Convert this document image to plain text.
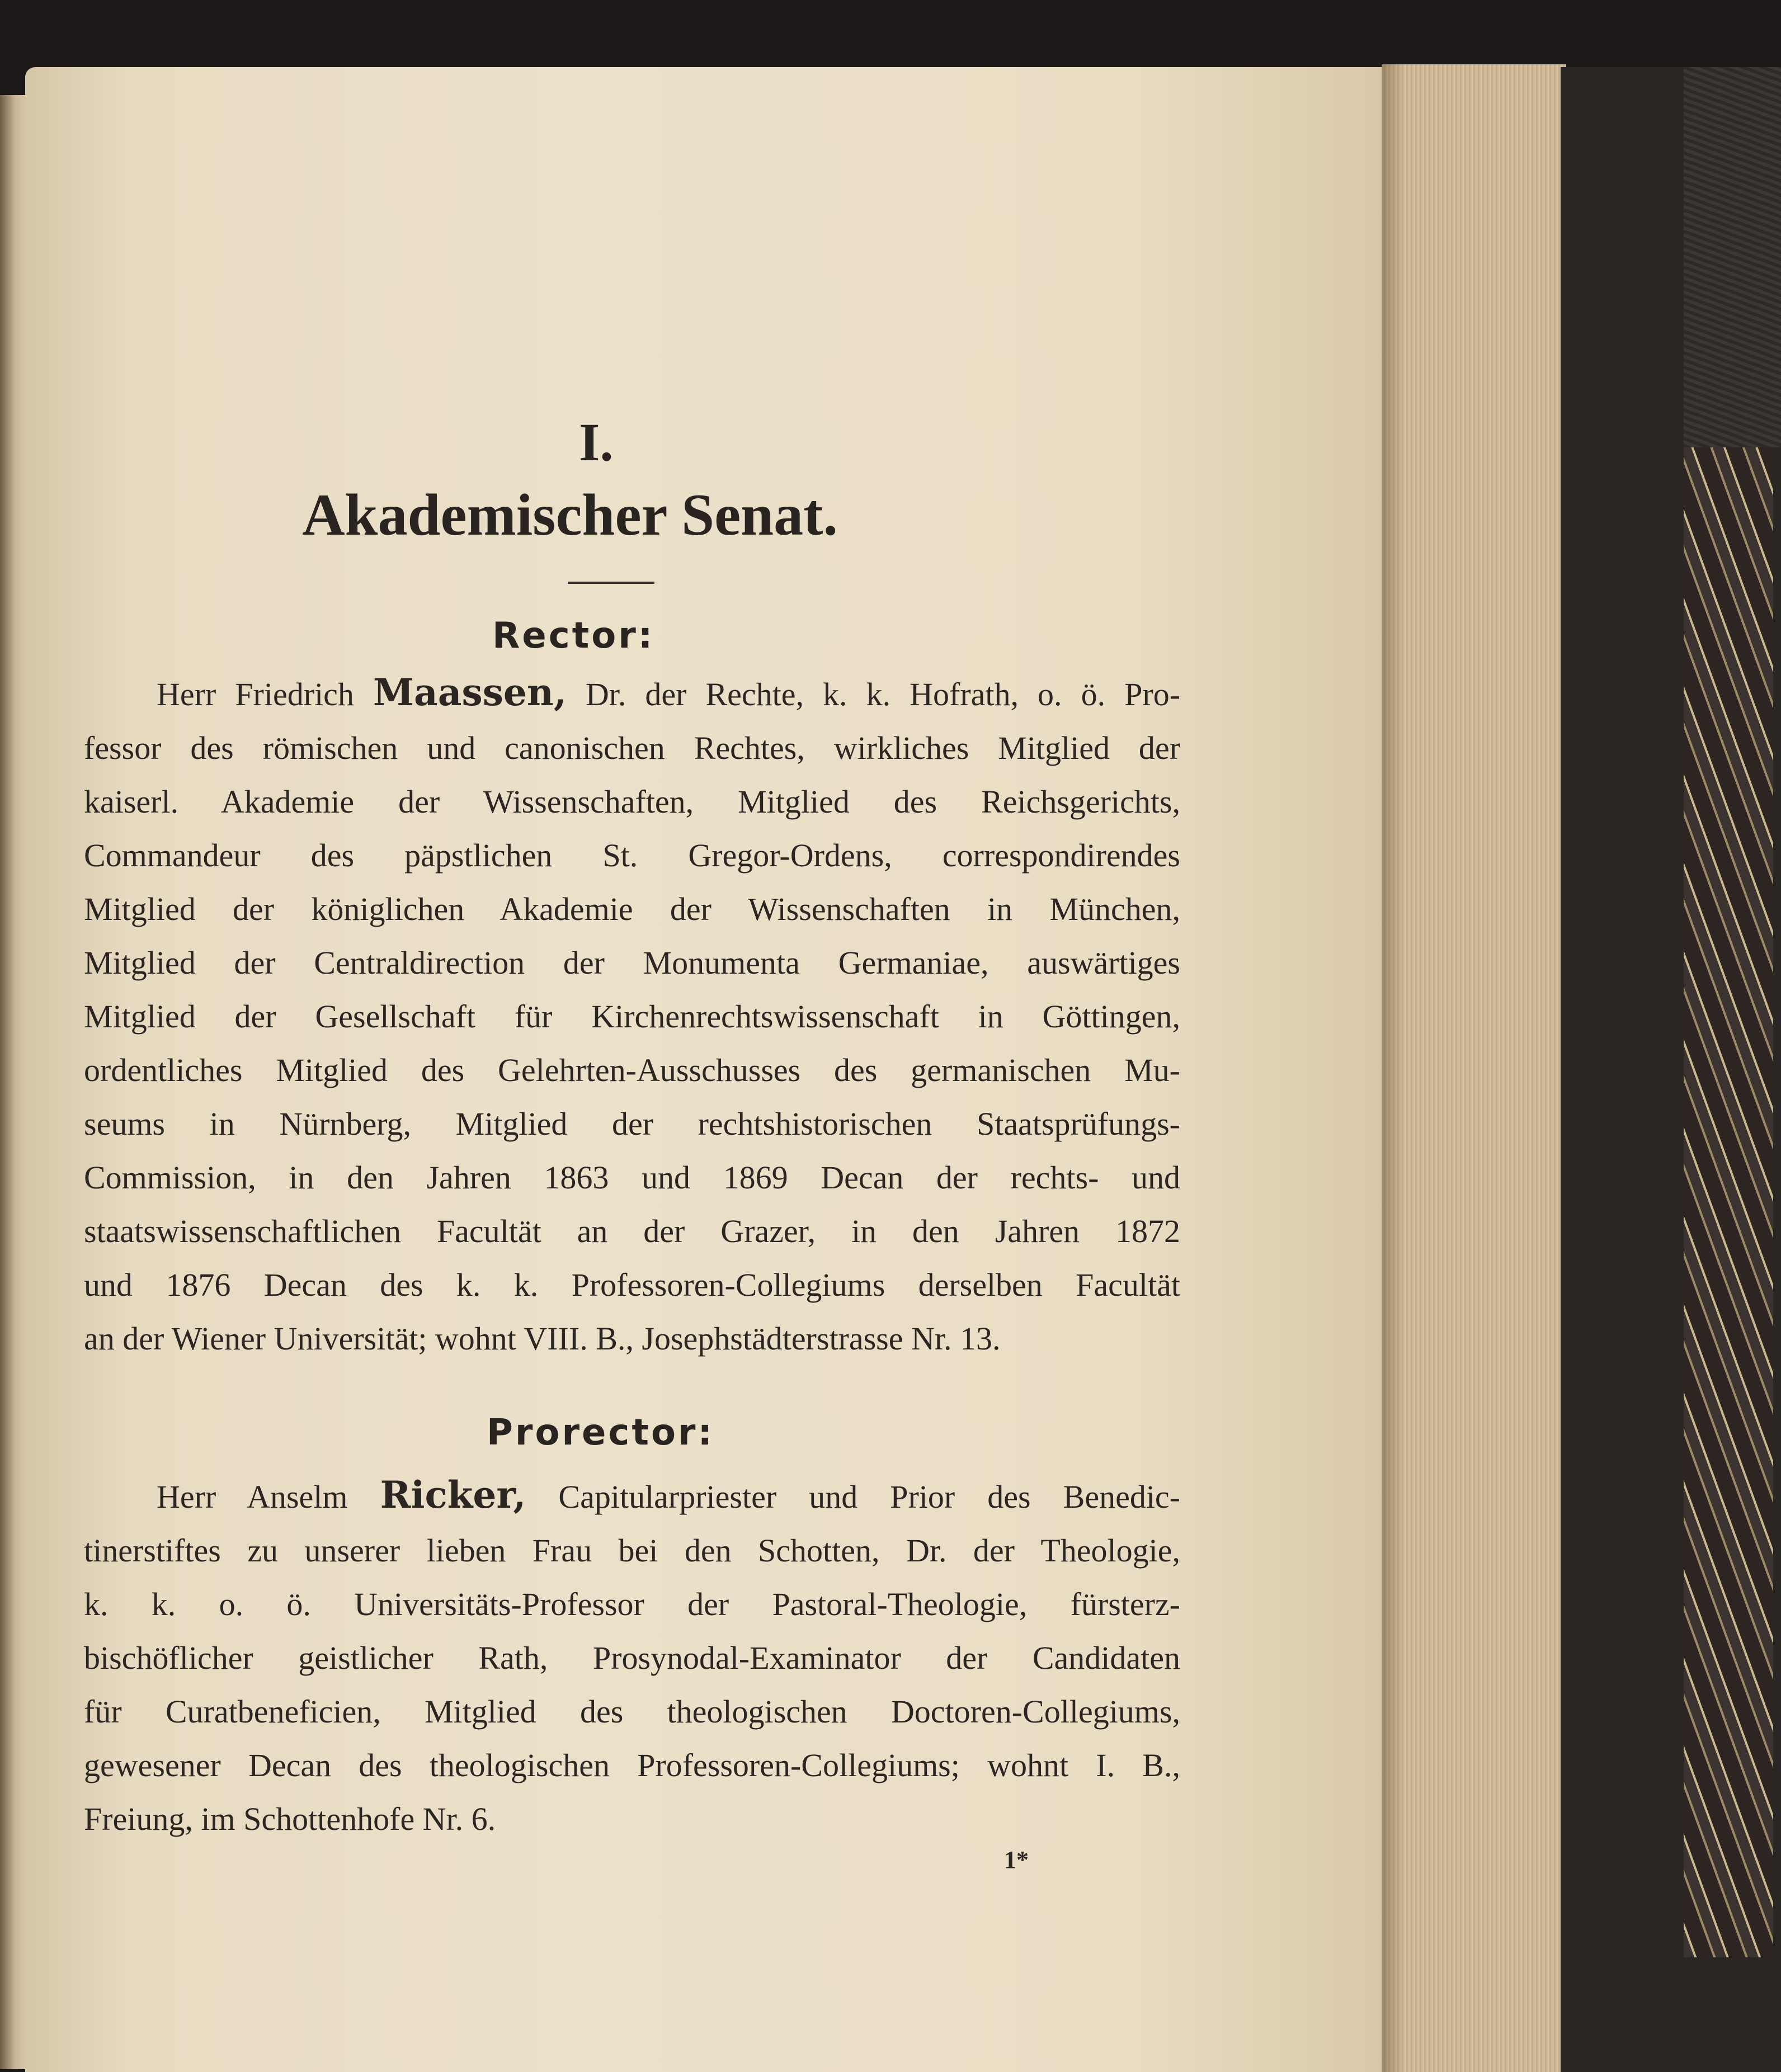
I.
Akademischer Senat.
Rector:
Herr Friedrich Maassen, Dr. der Rechte, k. k. Hofrath, o. ö. Pro-
fessor des römischen und canonischen Rechtes, wirkliches Mitglied der
kaiserl. Akademie der Wissenschaften, Mitglied des Reichsgerichts,
Commandeur des päpstlichen St. Gregor-Ordens, correspondirendes
Mitglied der königlichen Akademie der Wissenschaften in München,
Mitglied der Centraldirection der Monumenta Germaniae, auswärtiges
Mitglied der Gesellschaft für Kirchenrechtswissenschaft in Göttingen,
ordentliches Mitglied des Gelehrten-Ausschusses des germanischen Mu-
seums in Nürnberg, Mitglied der rechtshistorischen Staatsprüfungs-
Commission, in den Jahren 1863 und 1869 Decan der rechts- und
staatswissenschaftlichen Facultät an der Grazer, in den Jahren 1872
und 1876 Decan des k. k. Professoren-Collegiums derselben Facultät
an der Wiener Universität; wohnt VIII. B., Josephstädterstrasse Nr. 13.
Prorector:
Herr Anselm Ricker, Capitularpriester und Prior des Benedic-
tinerstiftes zu unserer lieben Frau bei den Schotten, Dr. der Theologie,
k. k. o. ö. Universitäts-Professor der Pastoral-Theologie, fürsterz-
bischöflicher geistlicher Rath, Prosynodal-Examinator der Candidaten
für Curatbeneficien, Mitglied des theologischen Doctoren-Collegiums,
gewesener Decan des theologischen Professoren-Collegiums; wohnt I. B.,
Freiung, im Schottenhofe Nr. 6.
1*
